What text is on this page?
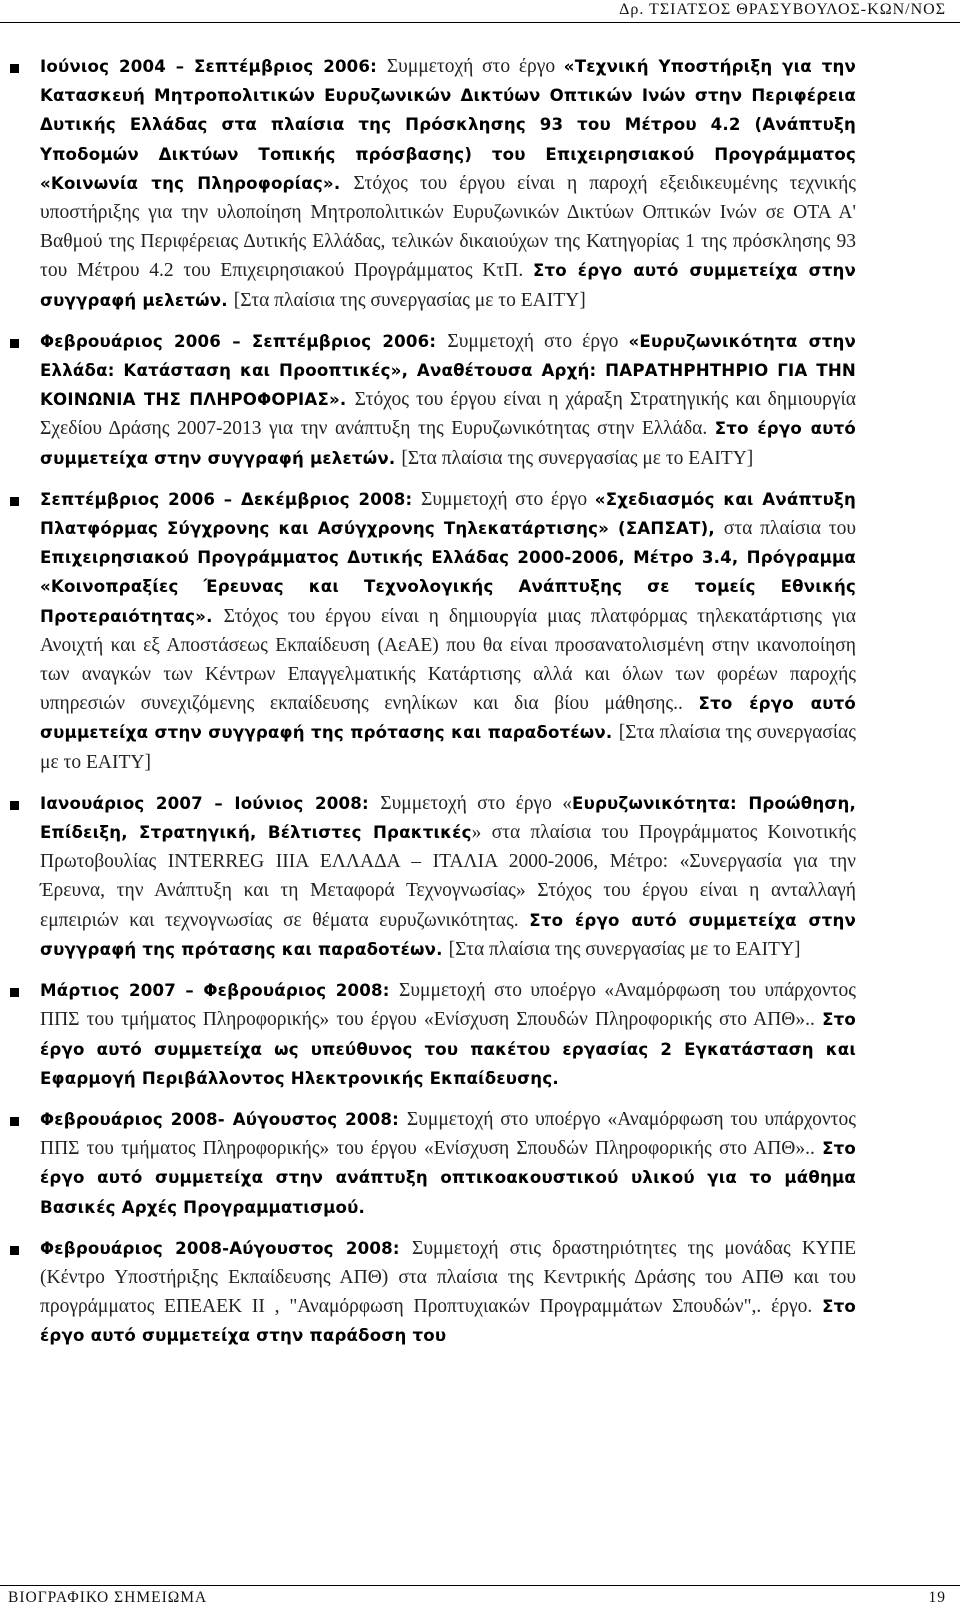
Δρ. ΤΣΙΑΤΣΟΣ ΘΡΑΣΥΒΟΥΛΟΣ-ΚΩΝ/ΝΟΣ

Ιούνιος 2004 – Σεπτέμβριος 2006: Συμμετοχή στο έργο «Τεχνική Υποστήριξη για την Κατασκευή Μητροπολιτικών Ευρυζωνικών Δικτύων Οπτικών Ινών στην Περιφέρεια Δυτικής Ελλάδας στα πλαίσια της Πρόσκλησης 93 του Μέτρου 4.2 (Ανάπτυξη Υποδομών Δικτύων Τοπικής πρόσβασης) του Επιχειρησιακού Προγράμματος «Κοινωνία της Πληροφορίας». Στόχος του έργου είναι η παροχή εξειδικευμένης τεχνικής υποστήριξης για την υλοποίηση Μητροπολιτικών Ευρυζωνικών Δικτύων Οπτικών Ινών σε ΟΤΑ Α' Βαθμού της Περιφέρειας Δυτικής Ελλάδας, τελικών δικαιούχων της Κατηγορίας 1 της πρόσκλησης 93 του Μέτρου 4.2 του Επιχειρησιακού Προγράμματος ΚτΠ. Στο έργο αυτό συμμετείχα στην συγγραφή μελετών. [Στα πλαίσια της συνεργασίας με το ΕΑΙΤΥ]

Φεβρουάριος 2006 – Σεπτέμβριος 2006: Συμμετοχή στο έργο «Ευρυζωνικότητα στην Ελλάδα: Κατάσταση και Προοπτικές», Αναθέτουσα Αρχή: ΠΑΡΑΤΗΡΗΤΗΡΙΟ ΓΙΑ ΤΗΝ ΚΟΙΝΩΝΙΑ ΤΗΣ ΠΛΗΡΟΦΟΡΙΑΣ». Στόχος του έργου είναι η χάραξη Στρατηγικής και δημιουργία Σχεδίου Δράσης 2007-2013 για την ανάπτυξη της Ευρυζωνικότητας στην Ελλάδα. Στο έργο αυτό συμμετείχα στην συγγραφή μελετών. [Στα πλαίσια της συνεργασίας με το ΕΑΙΤΥ]

Σεπτέμβριος 2006 – Δεκέμβριος 2008: Συμμετοχή στο έργο «Σχεδιασμός και Ανάπτυξη Πλατφόρμας Σύγχρονης και Ασύγχρονης Τηλεκατάρτισης» (ΣΑΠΣΑΤ), στα πλαίσια του Επιχειρησιακού Προγράμματος Δυτικής Ελλάδας 2000-2006, Μέτρο 3.4, Πρόγραμμα «Κοινοπραξίες Έρευνας και Τεχνολογικής Ανάπτυξης σε τομείς Εθνικής Προτεραιότητας». Στόχος του έργου είναι η δημιουργία μιας πλατφόρμας τηλεκατάρτισης για Ανοιχτή και εξ Αποστάσεως Εκπαίδευση (ΑεΑΕ) που θα είναι προσανατολισμένη στην ικανοποίηση των αναγκών των Κέντρων Επαγγελματικής Κατάρτισης αλλά και όλων των φορέων παροχής υπηρεσιών συνεχιζόμενης εκπαίδευσης ενηλίκων και δια βίου μάθησης.. Στο έργο αυτό συμμετείχα στην συγγραφή της πρότασης και παραδοτέων. [Στα πλαίσια της συνεργασίας με το ΕΑΙΤΥ]

Ιανουάριος 2007 – Ιούνιος 2008: Συμμετοχή στο έργο «Ευρυζωνικότητα: Προώθηση, Επίδειξη, Στρατηγική, Βέλτιστες Πρακτικές» στα πλαίσια του Προγράμματος Κοινοτικής Πρωτοβουλίας INTERREG IIIA ΕΛΛΑΔΑ – ΙΤΑΛΙΑ 2000-2006, Μέτρο: «Συνεργασία για την Έρευνα, την Ανάπτυξη και τη Μεταφορά Τεχνογνωσίας» Στόχος του έργου είναι η ανταλλαγή εμπειριών και τεχνογνωσίας σε θέματα ευρυζωνικότητας. Στο έργο αυτό συμμετείχα στην συγγραφή της πρότασης και παραδοτέων. [Στα πλαίσια της συνεργασίας με το ΕΑΙΤΥ]

Μάρτιος 2007 – Φεβρουάριος 2008: Συμμετοχή στο υποέργο «Αναμόρφωση του υπάρχοντος ΠΠΣ του τμήματος Πληροφορικής» του έργου «Ενίσχυση Σπουδών Πληροφορικής στο ΑΠΘ».. Στο έργο αυτό συμμετείχα ως υπεύθυνος του πακέτου εργασίας 2 Εγκατάσταση και Εφαρμογή Περιβάλλοντος Ηλεκτρονικής Εκπαίδευσης.

Φεβρουάριος 2008- Αύγουστος 2008: Συμμετοχή στο υποέργο «Αναμόρφωση του υπάρχοντος ΠΠΣ του τμήματος Πληροφορικής» του έργου «Ενίσχυση Σπουδών Πληροφορικής στο ΑΠΘ».. Στο έργο αυτό συμμετείχα στην ανάπτυξη οπτικοακουστικού υλικού για το μάθημα Βασικές Αρχές Προγραμματισμού.

Φεβρουάριος 2008-Αύγουστος 2008: Συμμετοχή στις δραστηριότητες της μονάδας ΚΥΠΕ (Κέντρο Υποστήριξης Εκπαίδευσης ΑΠΘ) στα πλαίσια της Κεντρικής Δράσης του ΑΠΘ και του προγράμματος ΕΠΕΑΕΚ ΙΙ , "Αναμόρφωση Προπτυχιακών Προγραμμάτων Σπουδών",. έργο. Στο έργο αυτό συμμετείχα στην παράδοση του

ΒΙΟΓΡΑΦΙΚΟ ΣΗΜΕΙΩΜΑ	19
